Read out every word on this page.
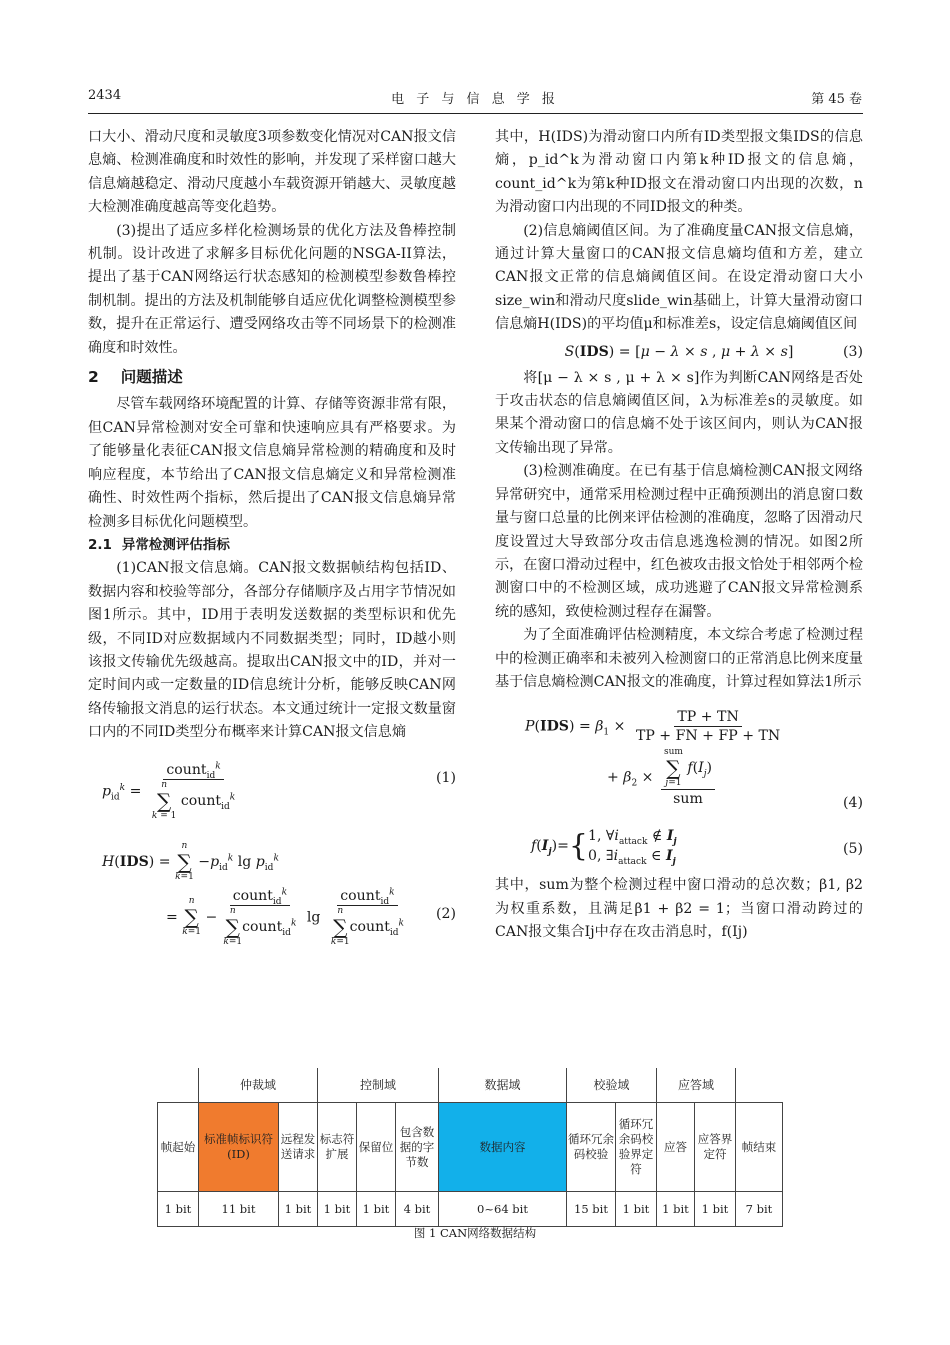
2434	电 子 与 信 息 学 报	第 45 卷

口大小、滑动尺度和灵敏度3项参数变化情况对CAN报文信息熵、检测准确度和时效性的影响，并发现了采样窗口越大信息熵越稳定、滑动尺度越小车载资源开销越大、灵敏度越大检测准确度越高等变化趋势。

(3)提出了适应多样化检测场景的优化方法及鲁棒控制机制。设计改进了求解多目标优化问题的NSGA-II算法，提出了基于CAN网络运行状态感知的检测模型参数鲁棒控制机制。提出的方法及机制能够自适应优化调整检测模型参数，提升在正常运行、遭受网络攻击等不同场景下的检测准确度和时效性。

2 问题描述

尽管车载网络环境配置的计算、存储等资源非常有限，但CAN异常检测对安全可靠和快速响应具有严格要求。为了能够量化表征CAN报文信息熵异常检测的精确度和及时响应程度，本节给出了CAN报文信息熵定义和异常检测准确性、时效性两个指标，然后提出了CAN报文信息熵异常检测多目标优化问题模型。

2.1 异常检测评估指标

(1)CAN报文信息熵。CAN报文数据帧结构包括ID、数据内容和校验等部分，各部分存储顺序及占用字节情况如图1所示。其中，ID用于表明发送数据的类型标识和优先级，不同ID对应数据域内不同数据类型；同时，ID越小则该报文传输优先级越高。提取出CAN报文中的ID，并对一定时间内或一定数量的ID信息统计分析，能够反映CAN网络传输报文消息的运行状态。本文通过统计一定报文数量窗口内的不同ID类型分布概率来计算CAN报文信息熵

$p_{id}^k$ = count$_{id}^k$
n
∑
k = 1
count$_{id}^k$	(1)
H(IDS) =
n
∑
k=1
$-p_{id}^k$ $\lg p_{id}^k$
=
n
∑
k=1
− count$_{id}^k$
n
∑
k=1
count$_{id}^k$ lg count$_{id}^k$
n
∑
k=1
count$_{id}^k$ (2)

其中，H(IDS)为滑动窗口内所有ID类型报文集IDS的信息熵，p_id^k为滑动窗口内第k种ID报文的信息熵，count_id^k为第k种ID报文在滑动窗口内出现的次数，n为滑动窗口内出现的不同ID报文的种类。

(2)信息熵阈值区间。为了准确度量CAN报文信息熵，通过计算大量窗口的CAN报文信息熵均值和方差，建立CAN报文正常的信息熵阈值区间。在设定滑动窗口大小size_win和滑动尺度slide_win基础上，计算大量滑动窗口信息熵H(IDS)的平均值μ和标准差s，设定信息熵阈值区间

S(IDS) = [μ − λ × s , μ + λ × s]	(3)

将[μ − λ × s , μ + λ × s]作为判断CAN网络是否处于攻击状态的信息熵阈值区间，λ为标准差s的灵敏度。如果某个滑动窗口的信息熵不处于该区间内，则认为CAN报文传输出现了异常。

(3)检测准确度。在已有基于信息熵检测CAN报文网络异常研究中，通常采用检测过程中正确预测出的消息窗口数量与窗口总量的比例来评估检测的准确度，忽略了因滑动尺度设置过大导致部分攻击信息逃逸检测的情况。如图2所示，在窗口滑动过程中，红色被攻击报文恰处于相邻两个检测窗口中的不检测区域，成功逃避了CAN报文异常检测系统的感知，致使检测过程存在漏警。

为了全面准确评估检测精度，本文综合考虑了检测过程中的检测正确率和未被列入检测窗口的正常消息比例来度量基于信息熵检测CAN报文的准确度，计算过程如算法1所示

$P(IDS) = \beta_1 \times \frac{TP + TN}{TP + FN + FP + TN}$
+ $\beta_2$ × sum
∑
j=1
$f(I_j)$
sum	(4)
$f(I_j)=\{1$, $\forall i_{attack}$ ∉ $I_j$
0, $\exists i_{attack}$ ∈ $I_j$
(5)

其中，sum为整个检测过程中窗口滑动的总次数；β1, β2为权重系数，且满足β1 + β2 = 1；当窗口滑动跨过的CAN报文集合Ij中存在攻击消息时，f(Ij)

	仲裁域		控制域			数据域	校验域		应答域		
帧起始	标准帧标识符(ID)	远程发送请求	标志符扩展	保留位	包含数据的字节数	数据内容	循环冗余码校验	循环冗余码校验界定符	应答	应答界定符	帧结束
1 bit	11 bit	1 bit	1 bit	1 bit	4 bit	0~64 bit	15 bit	1 bit	1 bit	1 bit	7 bit
图 1 CAN网络数据结构
